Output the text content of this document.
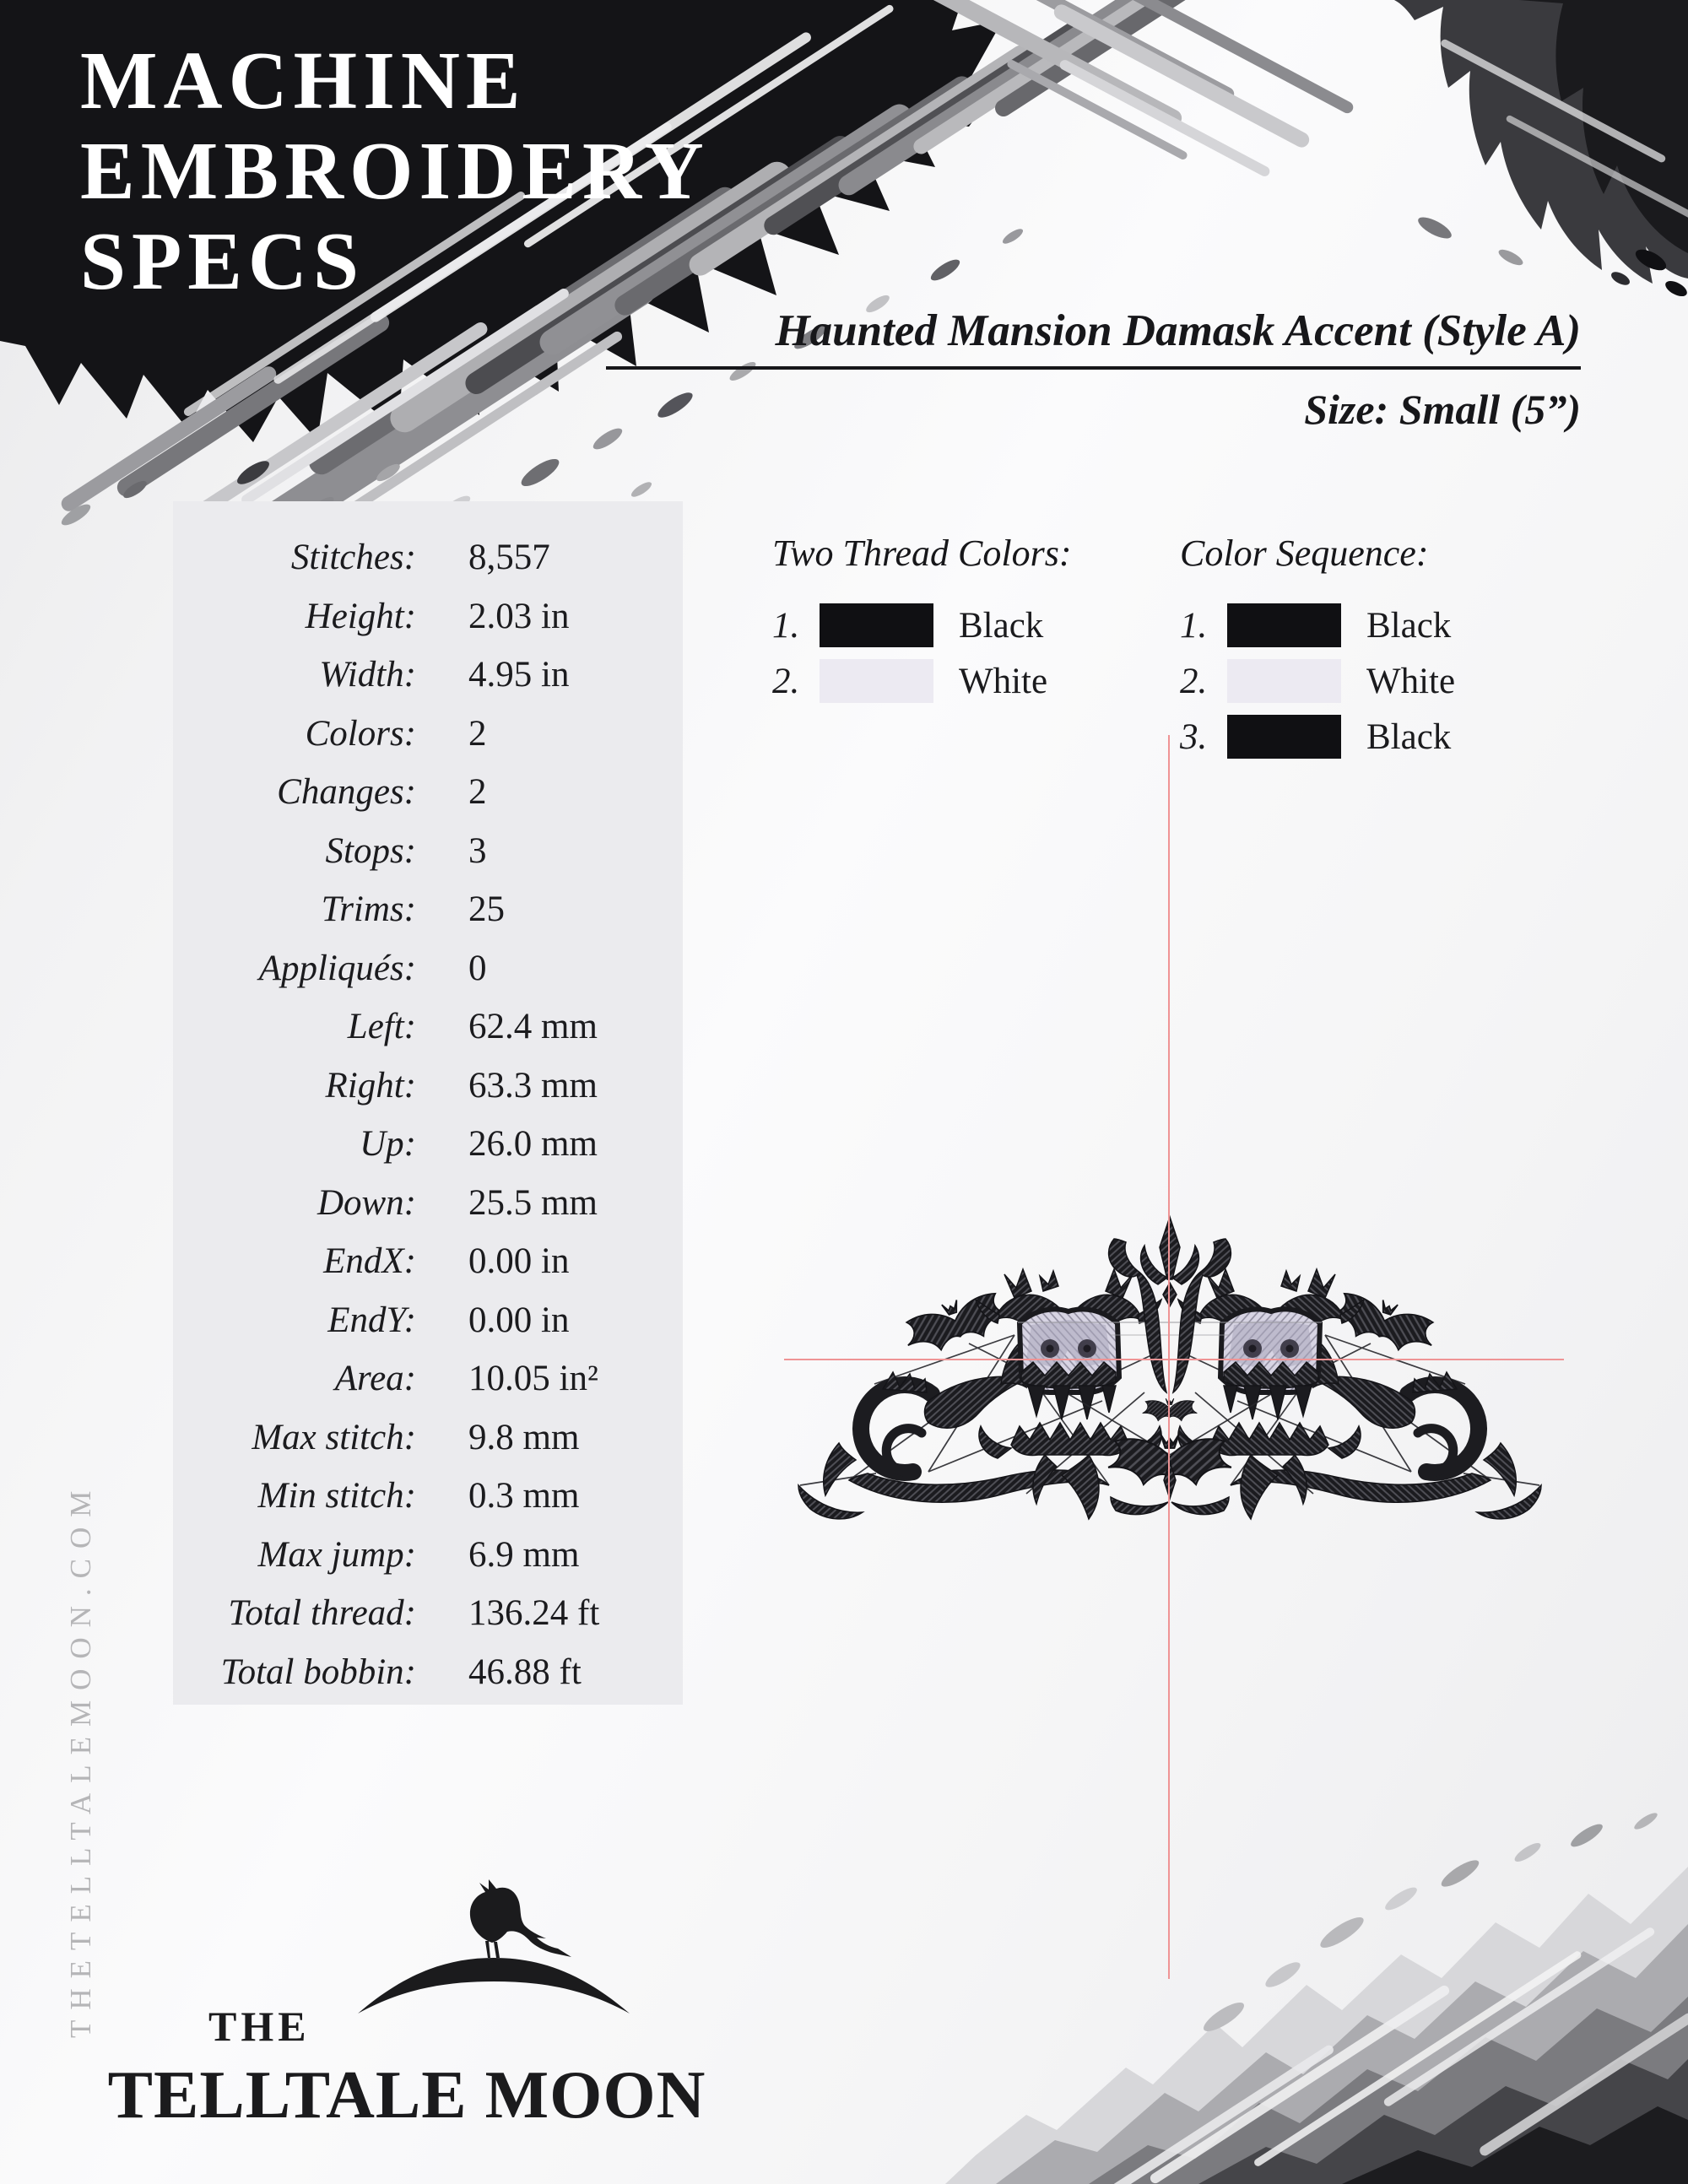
MACHINE
EMBROIDERY
SPECS
Haunted Mansion Damask Accent (Style A)
Size: Small (5”)
Stitches: 8,557
Height: 2.03 in
Width: 4.95 in
Colors: 2
Changes: 2
Stops: 3
Trims: 25
Appliqués: 0
Left: 62.4 mm
Right: 63.3 mm
Up: 26.0 mm
Down: 25.5 mm
EndX: 0.00 in
EndY: 0.00 in
Area: 10.05 in²
Max stitch: 9.8 mm
Min stitch: 0.3 mm
Max jump: 6.9 mm
Total thread: 136.24 ft
Total bobbin: 46.88 ft
Two Thread Colors:
1.	Black
2.	White
Color Sequence:
1.	Black
2.	White
3.	Black
THETELLTALEMOON.COM	THE
TELLTALE MOON
